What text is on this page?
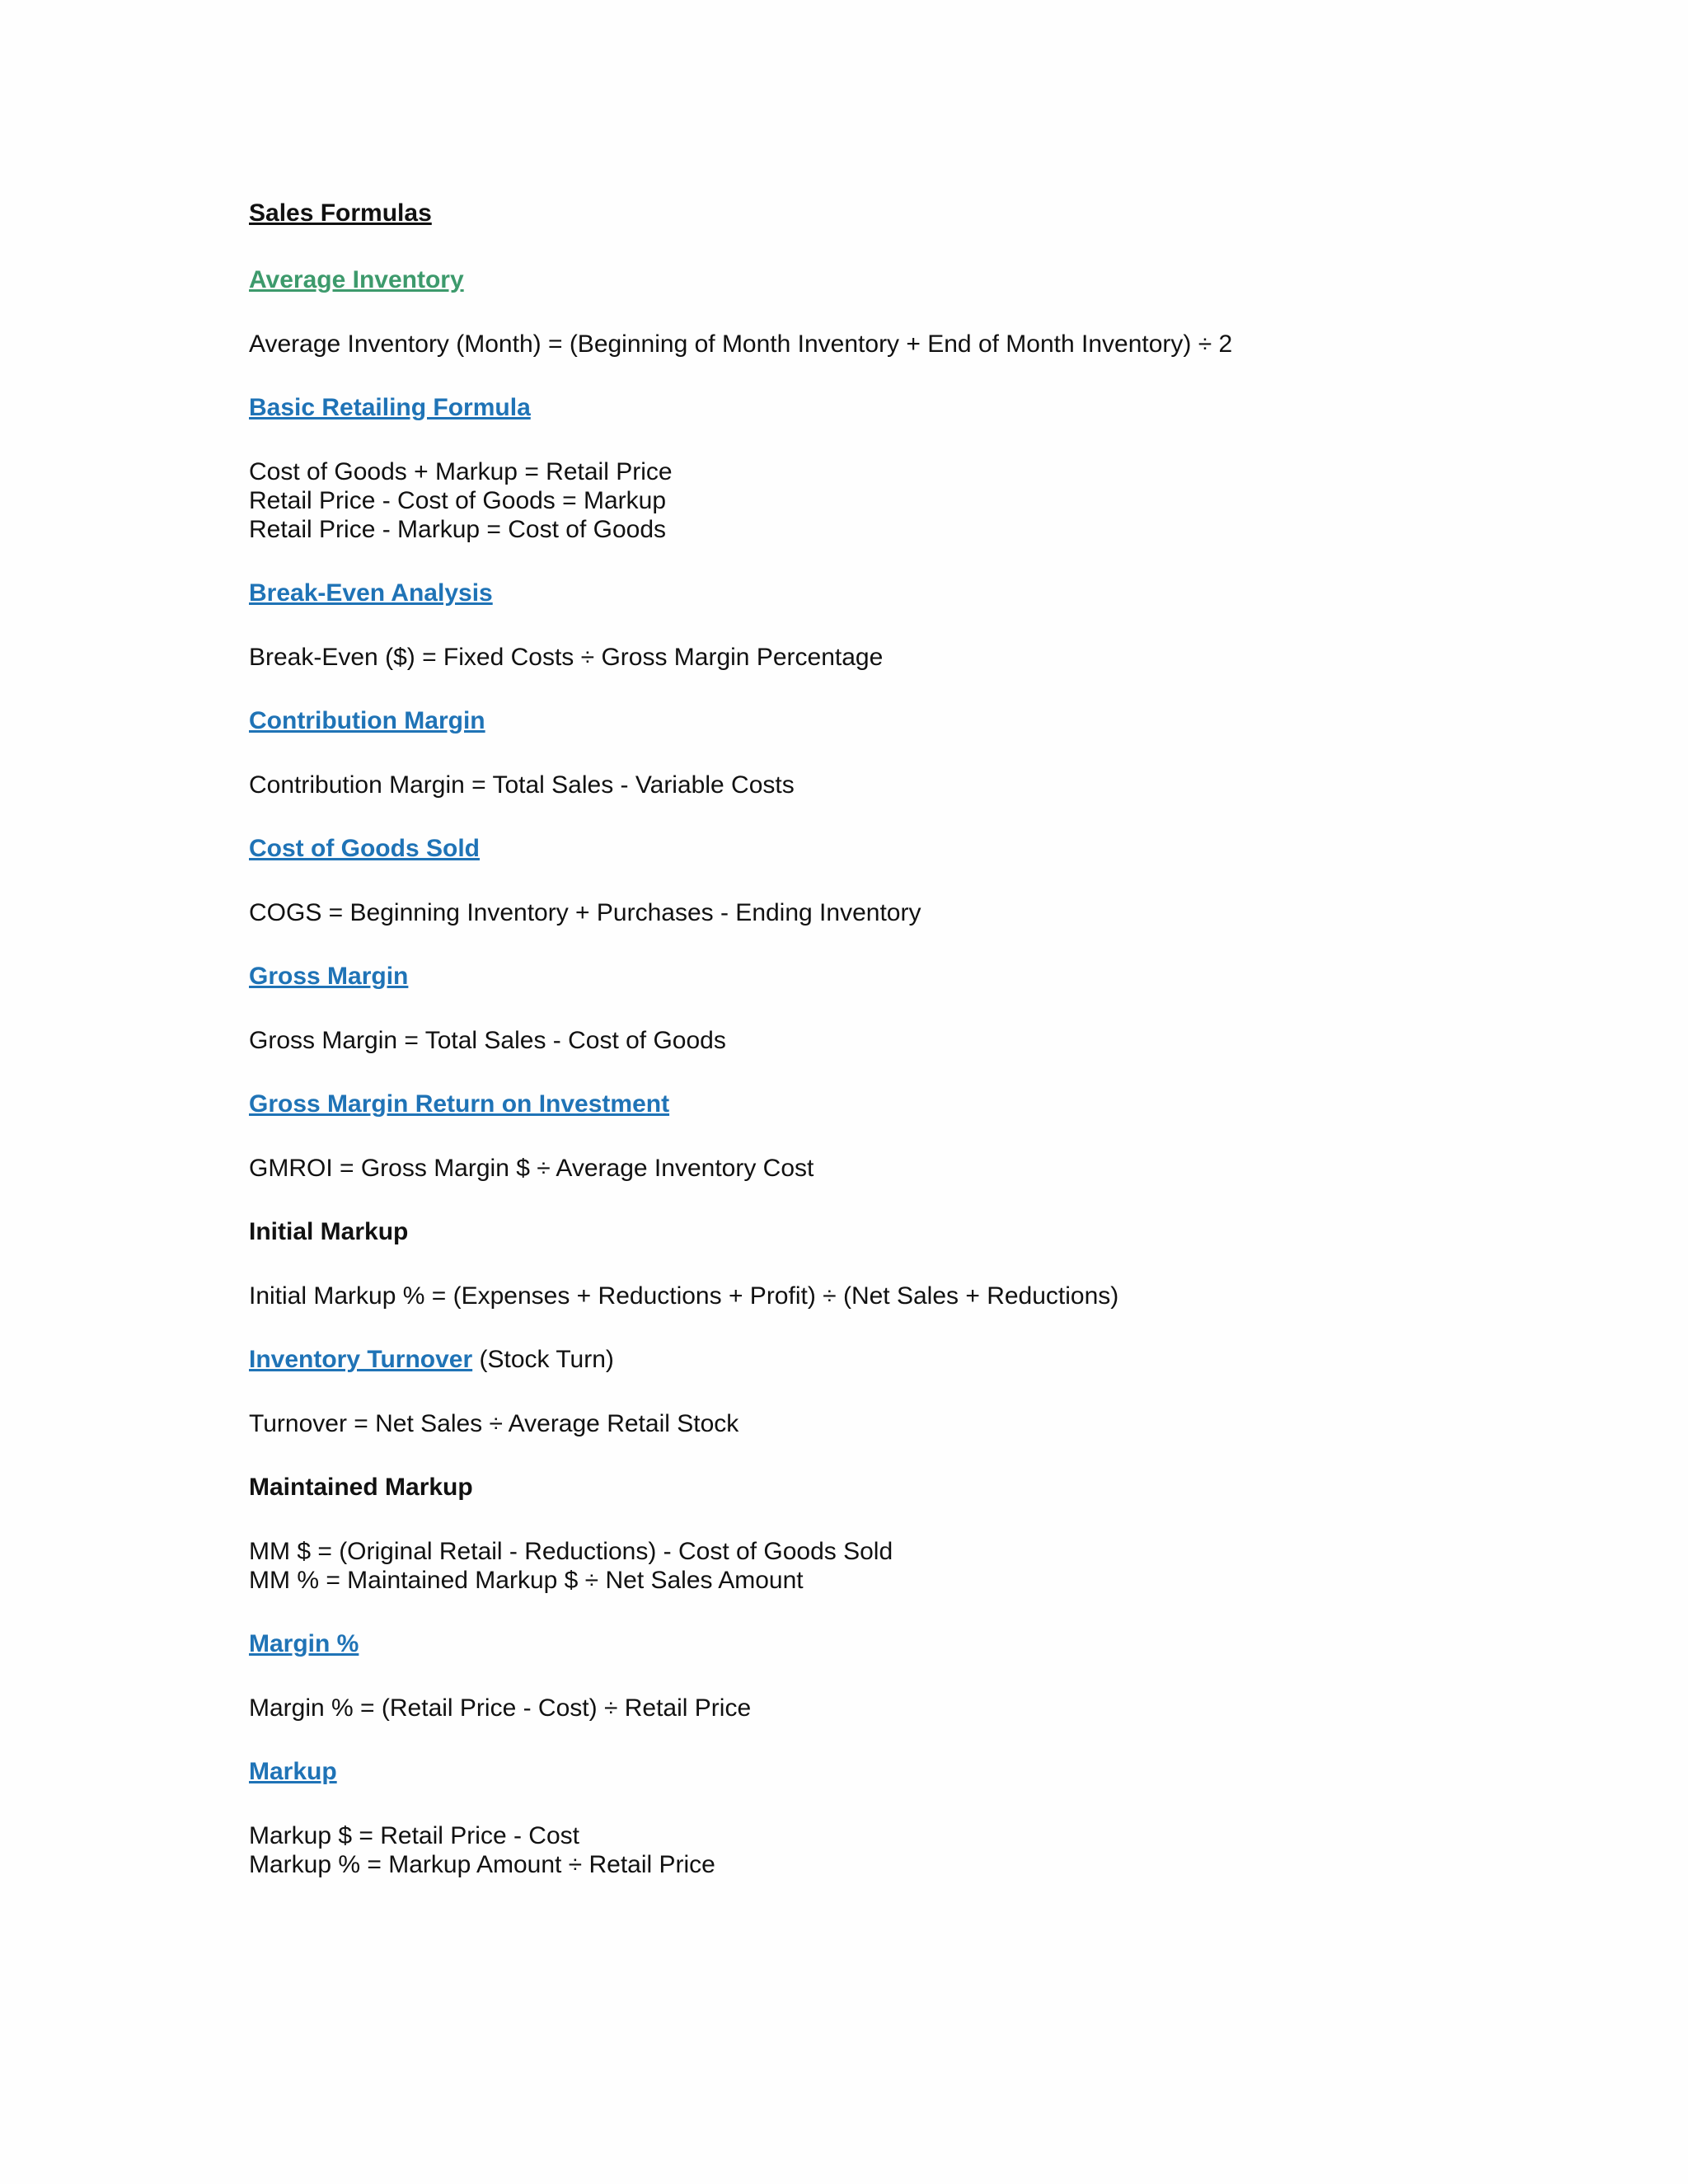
Sales Formulas
Average Inventory
Average Inventory (Month) = (Beginning of Month Inventory + End of Month Inventory) ÷ 2
Basic Retailing Formula
Cost of Goods + Markup = Retail Price
Retail Price - Cost of Goods = Markup
Retail Price - Markup = Cost of Goods
Break-Even Analysis
Break-Even ($) = Fixed Costs ÷ Gross Margin Percentage
Contribution Margin
Contribution Margin = Total Sales - Variable Costs
Cost of Goods Sold
COGS = Beginning Inventory + Purchases - Ending Inventory
Gross Margin
Gross Margin = Total Sales - Cost of Goods
Gross Margin Return on Investment
GMROI = Gross Margin $ ÷ Average Inventory Cost
Initial Markup
Initial Markup % = (Expenses + Reductions + Profit) ÷ (Net Sales + Reductions)
Inventory Turnover (Stock Turn)
Turnover = Net Sales ÷ Average Retail Stock
Maintained Markup
MM $ = (Original Retail - Reductions) - Cost of Goods Sold
MM % = Maintained Markup $ ÷ Net Sales Amount
Margin %
Margin % = (Retail Price - Cost) ÷ Retail Price
Markup
Markup $ = Retail Price - Cost
Markup % = Markup Amount ÷ Retail Price
